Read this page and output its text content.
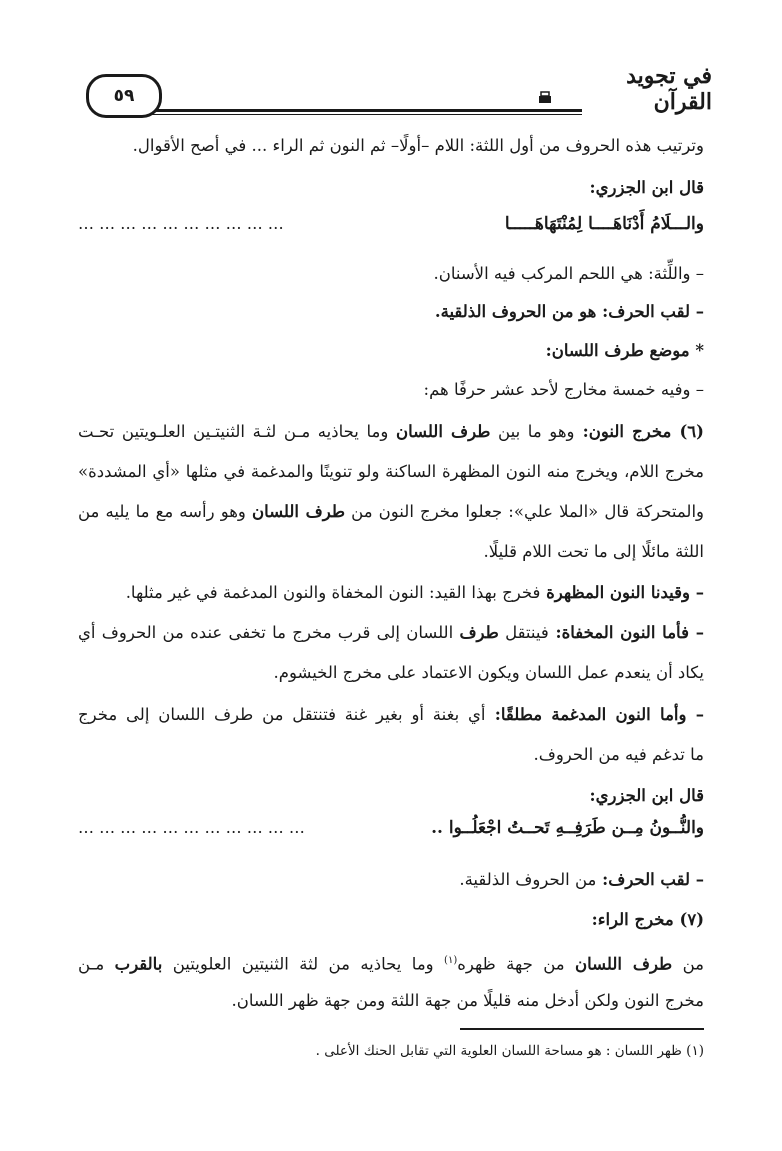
٥٩
في تجويد القرآن
وترتيب هذه الحروف من أول اللثة: اللام –أولًا– ثم النون ثم الراء ... في أصح الأقوال.
قال ابن الجزري:
والـــلَامُ أَدْنَاهَــــا لِمُنْتَهَاهَـــــا
… … … … … … … … … …
– واللِّثة: هي اللحم المركب فيه الأسنان.
– لقب الحرف: هو من الحروف الذلقية.
* موضع طرف اللسان:
– وفيه خمسة مخارج لأحد عشر حرفًا هم:
(٦) مخرج النون: وهو ما بين طرف اللسان وما يحاذيه مـن لثـة الثنيتـين العلـويتين تحـت
مخرج اللام، ويخرج منه النون المظهرة الساكنة ولو تنوينًا والمدغمة في مثلها «أي المشددة»
والمتحركة قال «الملا علي»: جعلوا مخرج النون من طرف اللسان وهو رأسه مع ما يليه من
اللثة مائلًا إلى ما تحت اللام قليلًا.
– وقيدنا النون المظهرة فخرج بهذا القيد: النون المخفاة والنون المدغمة في غير مثلها.
– فأما النون المخفاة: فينتقل طرف اللسان إلى قرب مخرج ما تخفى عنده من الحروف أي
يكاد أن ينعدم عمل اللسان ويكون الاعتماد على مخرج الخيشوم.
– وأما النون المدغمة مطلقًا: أي بغنة أو بغير غنة فتنتقل من طرف اللسان إلى مخرج
ما تدغم فيه من الحروف.
قال ابن الجزري:
والنُّــونُ مِــن طَرَفِــهِ تَحــتُ اجْعَلُــوا ..
… … … … … … … … … … …
– لقب الحرف: من الحروف الذلقية.
(٧) مخرج الراء:
من طرف اللسان من جهة ظهره$^{(١)}$ وما يحاذيه من لثة الثنيتين العلويتين بالقرب مـن
مخرج النون ولكن أدخل منه قليلًا من جهة اللثة ومن جهة ظهر اللسان.
(١) ظهر اللسان : هو مساحة اللسان العلوية التي تقابل الحنك الأعلى .
